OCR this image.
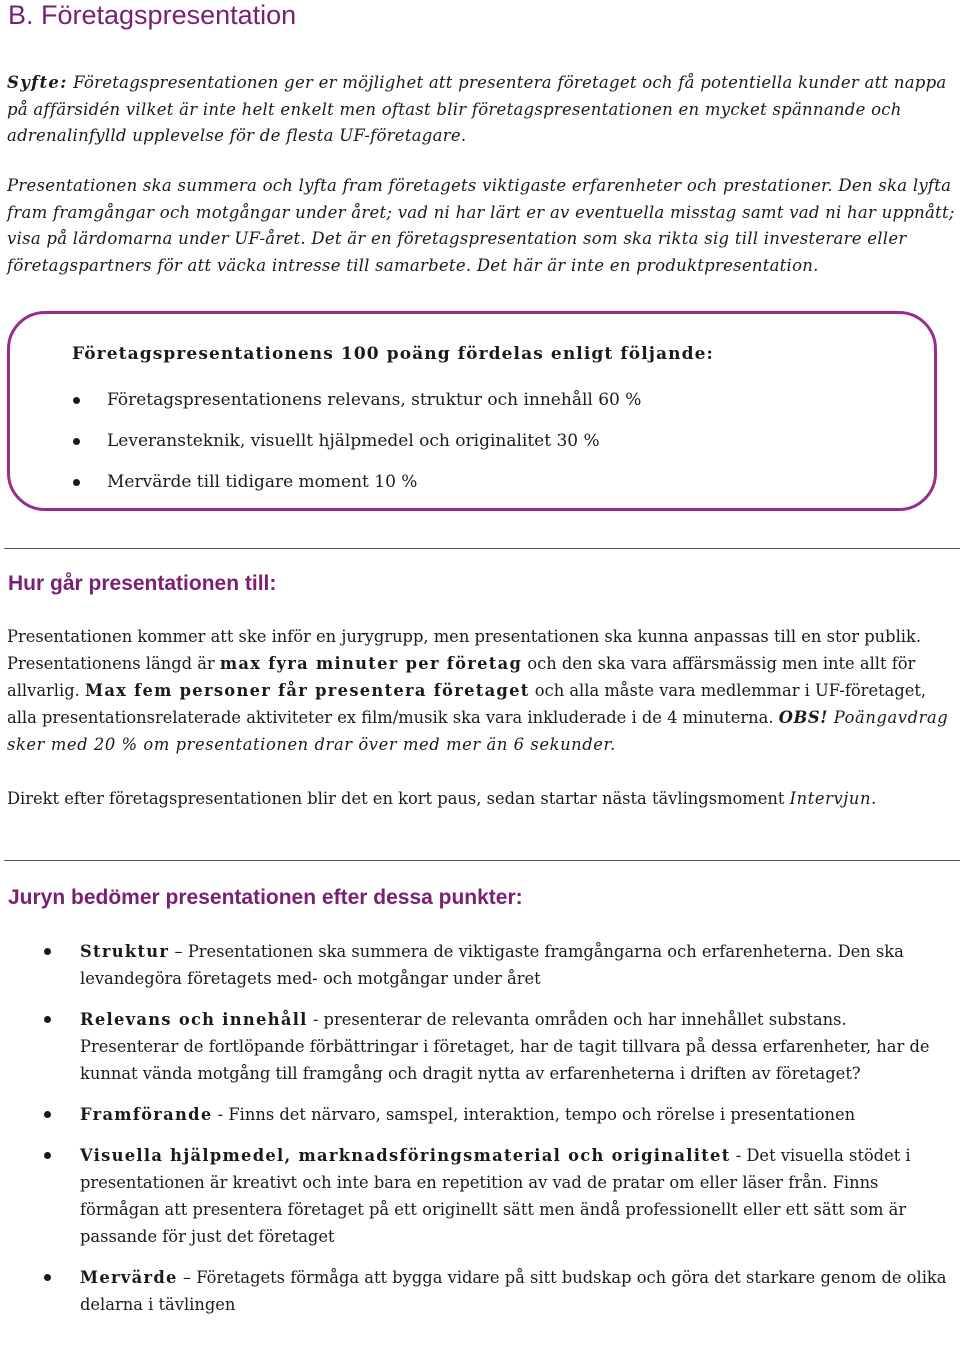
B. Företagspresentation

Syfte: Företagspresentationen ger er möjlighet att presentera företaget och få potentiella kunder att nappa på affärsidén vilket är inte helt enkelt men oftast blir företagspresentationen en mycket spännande och adrenalinfylld upplevelse för de flesta UF-företagare.

Presentationen ska summera och lyfta fram företagets viktigaste erfarenheter och prestationer. Den ska lyfta fram framgångar och motgångar under året; vad ni har lärt er av eventuella misstag samt vad ni har uppnått; visa på lärdomarna under UF-året. Det är en företagspresentation som ska rikta sig till investerare eller företagspartners för att väcka intresse till samarbete. Det här är inte en produktpresentation.

Företagspresentationens 100 poäng fördelas enligt följande:

Företagspresentationens relevans, struktur och innehåll 60 %
Leveransteknik, visuellt hjälpmedel och originalitet 30 %
Mervärde till tidigare moment 10 %
Hur går presentationen till:

Presentationen kommer att ske inför en jurygrupp, men presentationen ska kunna anpassas till en stor publik. Presentationens längd är max fyra minuter per företag och den ska vara affärsmässig men inte allt för allvarlig. Max fem personer får presentera företaget och alla måste vara medlemmar i UF-företaget, alla presentationsrelaterade aktiviteter ex film/musik ska vara inkluderade i de 4 minuterna. OBS! Poängavdrag sker med 20 % om presentationen drar över med mer än 6 sekunder.

Direkt efter företagspresentationen blir det en kort paus, sedan startar nästa tävlingsmoment Intervjun.

Juryn bedömer presentationen efter dessa punkter:
Struktur – Presentationen ska summera de viktigaste framgångarna och erfarenheterna. Den ska levandegöra företagets med- och motgångar under året
Relevans och innehåll - presenterar de relevanta områden och har innehållet substans. Presenterar de fortlöpande förbättringar i företaget, har de tagit tillvara på dessa erfarenheter, har de kunnat vända motgång till framgång och dragit nytta av erfarenheterna i driften av företaget?
Framförande - Finns det närvaro, samspel, interaktion, tempo och rörelse i presentationen
Visuella hjälpmedel, marknadsföringsmaterial och originalitet - Det visuella stödet i presentationen är kreativt och inte bara en repetition av vad de pratar om eller läser från. Finns förmågan att presentera företaget på ett originellt sätt men ändå professionellt eller ett sätt som är passande för just det företaget
Mervärde – Företagets förmåga att bygga vidare på sitt budskap och göra det starkare genom de olika delarna i tävlingen
